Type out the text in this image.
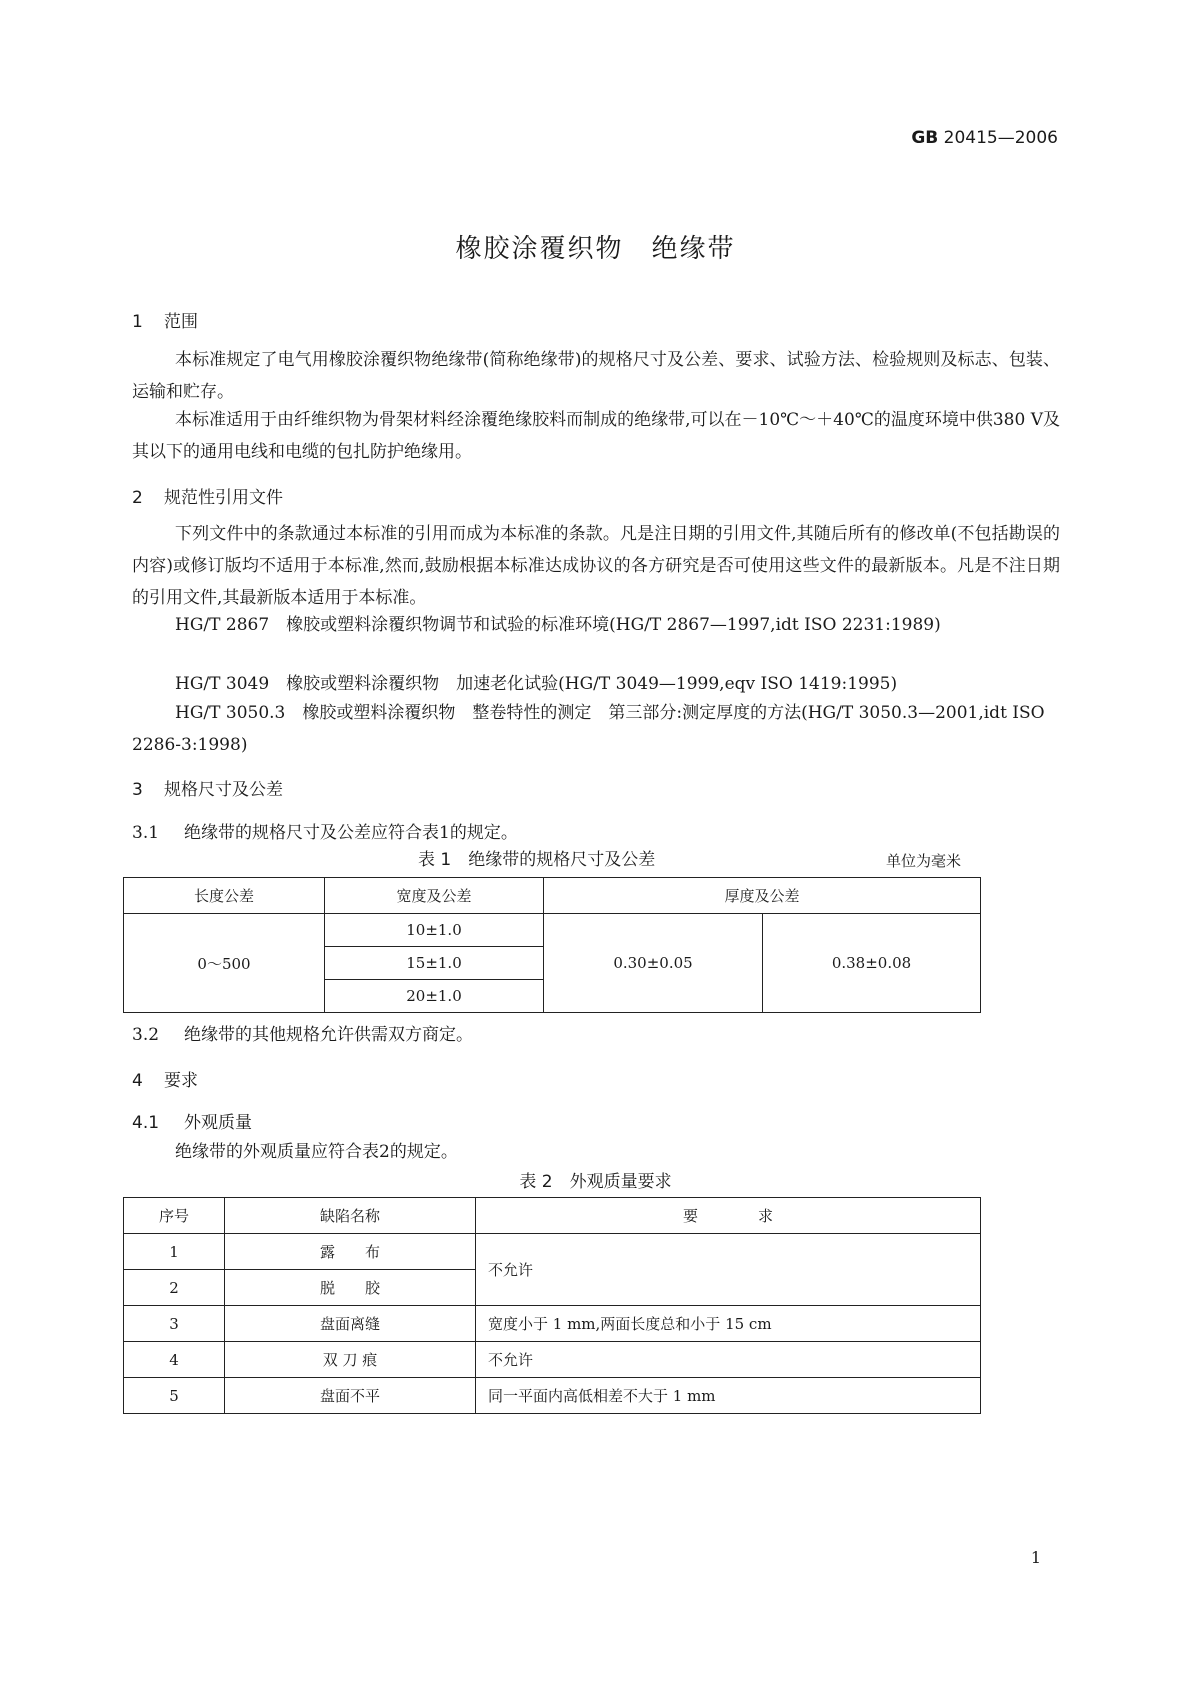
GB 20415—2006
橡胶涂覆织物　绝缘带
1 范围
本标准规定了电气用橡胶涂覆织物绝缘带(简称绝缘带)的规格尺寸及公差、要求、试验方法、检验规则及标志、包装、运输和贮存。
本标准适用于由纤维织物为骨架材料经涂覆绝缘胶料而制成的绝缘带,可以在－10℃～＋40℃的温度环境中供380 V及其以下的通用电线和电缆的包扎防护绝缘用。
2 规范性引用文件
下列文件中的条款通过本标准的引用而成为本标准的条款。凡是注日期的引用文件,其随后所有的修改单(不包括勘误的内容)或修订版均不适用于本标准,然而,鼓励根据本标准达成协议的各方研究是否可使用这些文件的最新版本。凡是不注日期的引用文件,其最新版本适用于本标准。
HG/T 2867　橡胶或塑料涂覆织物调节和试验的标准环境(HG/T 2867—1997,idt ISO 2231:1989)
HG/T 3049　橡胶或塑料涂覆织物　加速老化试验(HG/T 3049—1999,eqv ISO 1419:1995)
HG/T 3050.3　橡胶或塑料涂覆织物　整卷特性的测定　第三部分:测定厚度的方法(HG/T 3050.3—2001,idt ISO 2286-3:1998)
3 规格尺寸及公差
3.1 绝缘带的规格尺寸及公差应符合表1的规定。
表 1　绝缘带的规格尺寸及公差	单位为毫米
长度公差	宽度及公差	厚度及公差	
0～500	10±1.0	0.30±0.05	0.38±0.08
	15±1.0		
	20±1.0		
3.2 绝缘带的其他规格允许供需双方商定。
4 要求
4.1 外观质量
绝缘带的外观质量应符合表2的规定。
表 2　外观质量要求
序号	缺陷名称	要　　　　求
1	露　　布	不允许
2	脱　　胶	
3	盘面离缝	宽度小于 1 mm,两面长度总和小于 15 cm
4	双 刀 痕	不允许
5	盘面不平	同一平面内高低相差不大于 1 mm
1
